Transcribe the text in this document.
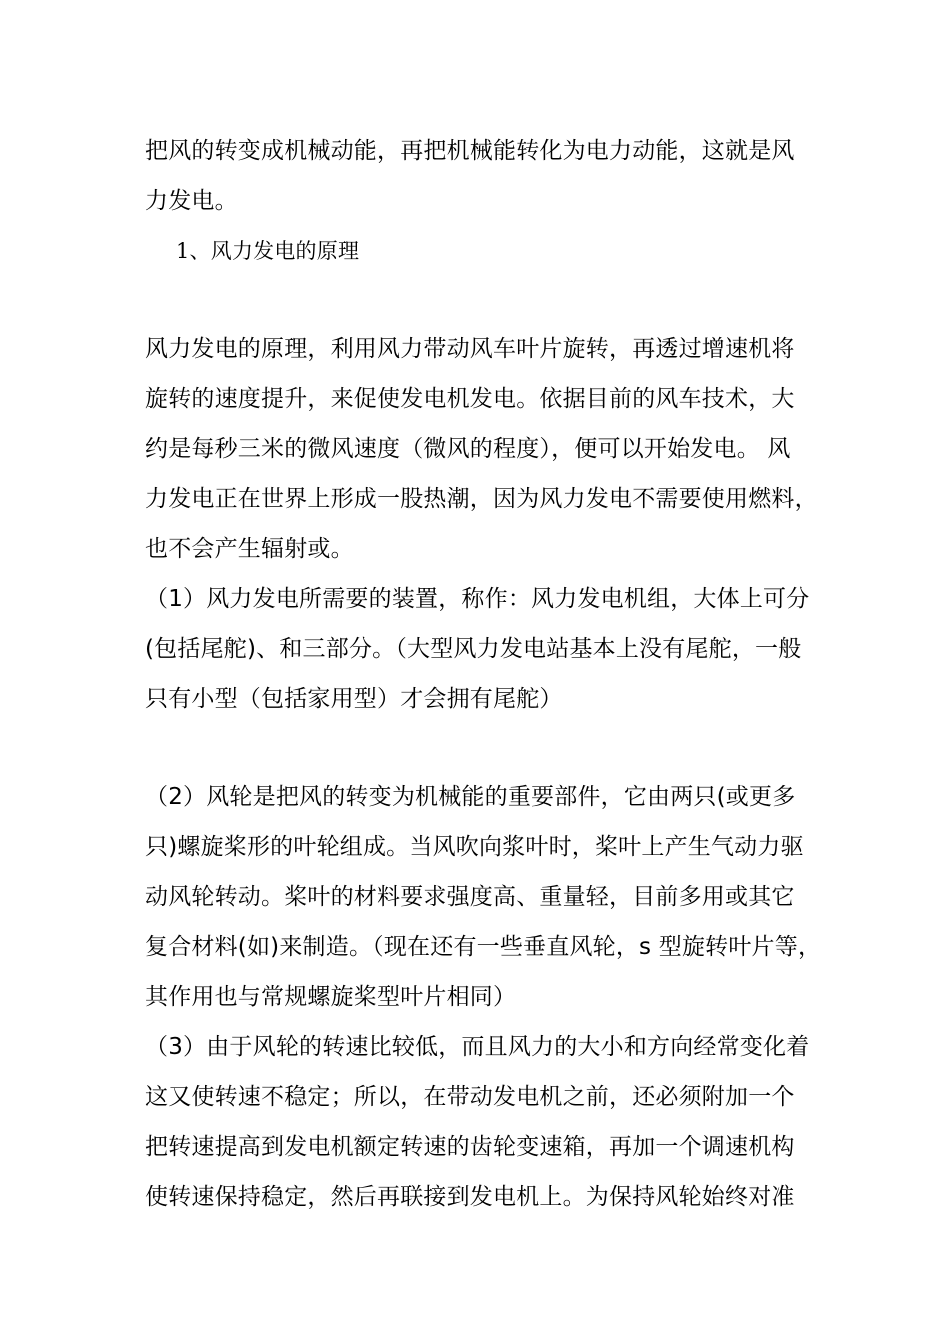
把风的转变成机械动能，再把机械能转化为电力动能，这就是风
力发电。
1、风力发电的原理
风力发电的原理，利用风力带动风车叶片旋转，再透过增速机将
旋转的速度提升，来促使发电机发电。依据目前的风车技术，大
约是每秒三米的微风速度（微风的程度），便可以开始发电。 风
力发电正在世界上形成一股热潮，因为风力发电不需要使用燃料，
也不会产生辐射或。
（1）风力发电所需要的装置，称作：风力发电机组，大体上可分
(包括尾舵)、和三部分。（大型风力发电站基本上没有尾舵，一般
只有小型（包括家用型）才会拥有尾舵）
（2）风轮是把风的转变为机械能的重要部件，它由两只(或更多
只)螺旋桨形的叶轮组成。当风吹向浆叶时，桨叶上产生气动力驱
动风轮转动。桨叶的材料要求强度高、重量轻，目前多用或其它
复合材料(如)来制造。（现在还有一些垂直风轮，s 型旋转叶片等，
其作用也与常规螺旋桨型叶片相同）
（3）由于风轮的转速比较低，而且风力的大小和方向经常变化着
这又使转速不稳定；所以，在带动发电机之前，还必须附加一个
把转速提高到发电机额定转速的齿轮变速箱，再加一个调速机构
使转速保持稳定，然后再联接到发电机上。为保持风轮始终对准
